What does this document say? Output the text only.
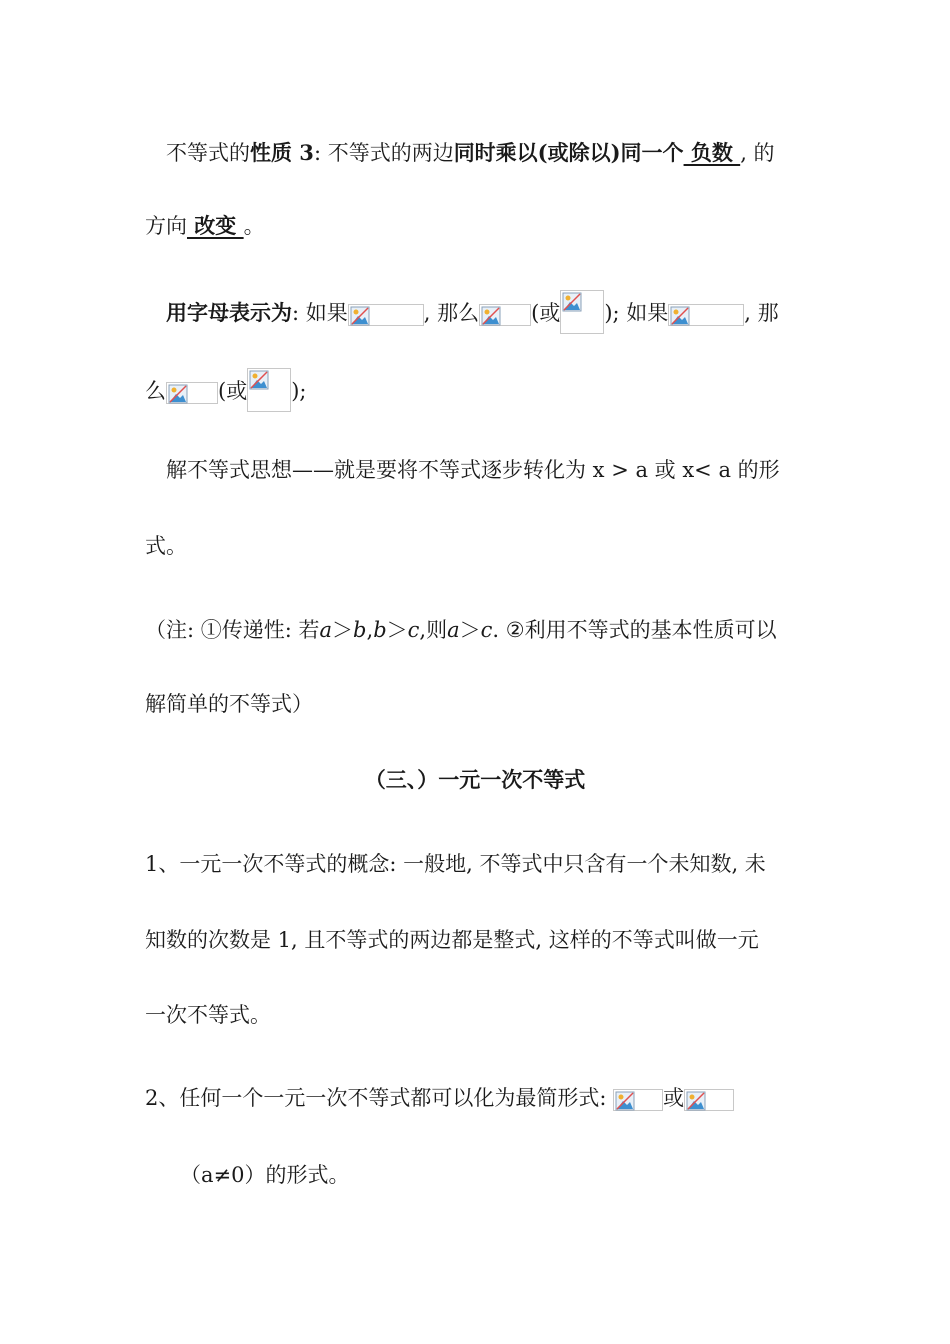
不等式的性质 3: 不等式的两边同时乘以(或除以)同一个 负数 , 的
方向 改变 。
用字母表示为: 如果	, 那么 (或 ); 如果	, 那
么 (或 );
解不等式思想——就是要将不等式逐步转化为 x > a 或 x< a 的形
式。
（注: ①传递性: 若a＞b,b＞c,则a＞c. ②利用不等式的基本性质可以
解简单的不等式）
（三、）一元一次不等式
1、一元一次不等式的概念: 一般地, 不等式中只含有一个未知数, 未
知数的次数是 1, 且不等式的两边都是整式, 这样的不等式叫做一元
一次不等式。
2、任何一个一元一次不等式都可以化为最简形式:	或
（a≠0）的形式。
